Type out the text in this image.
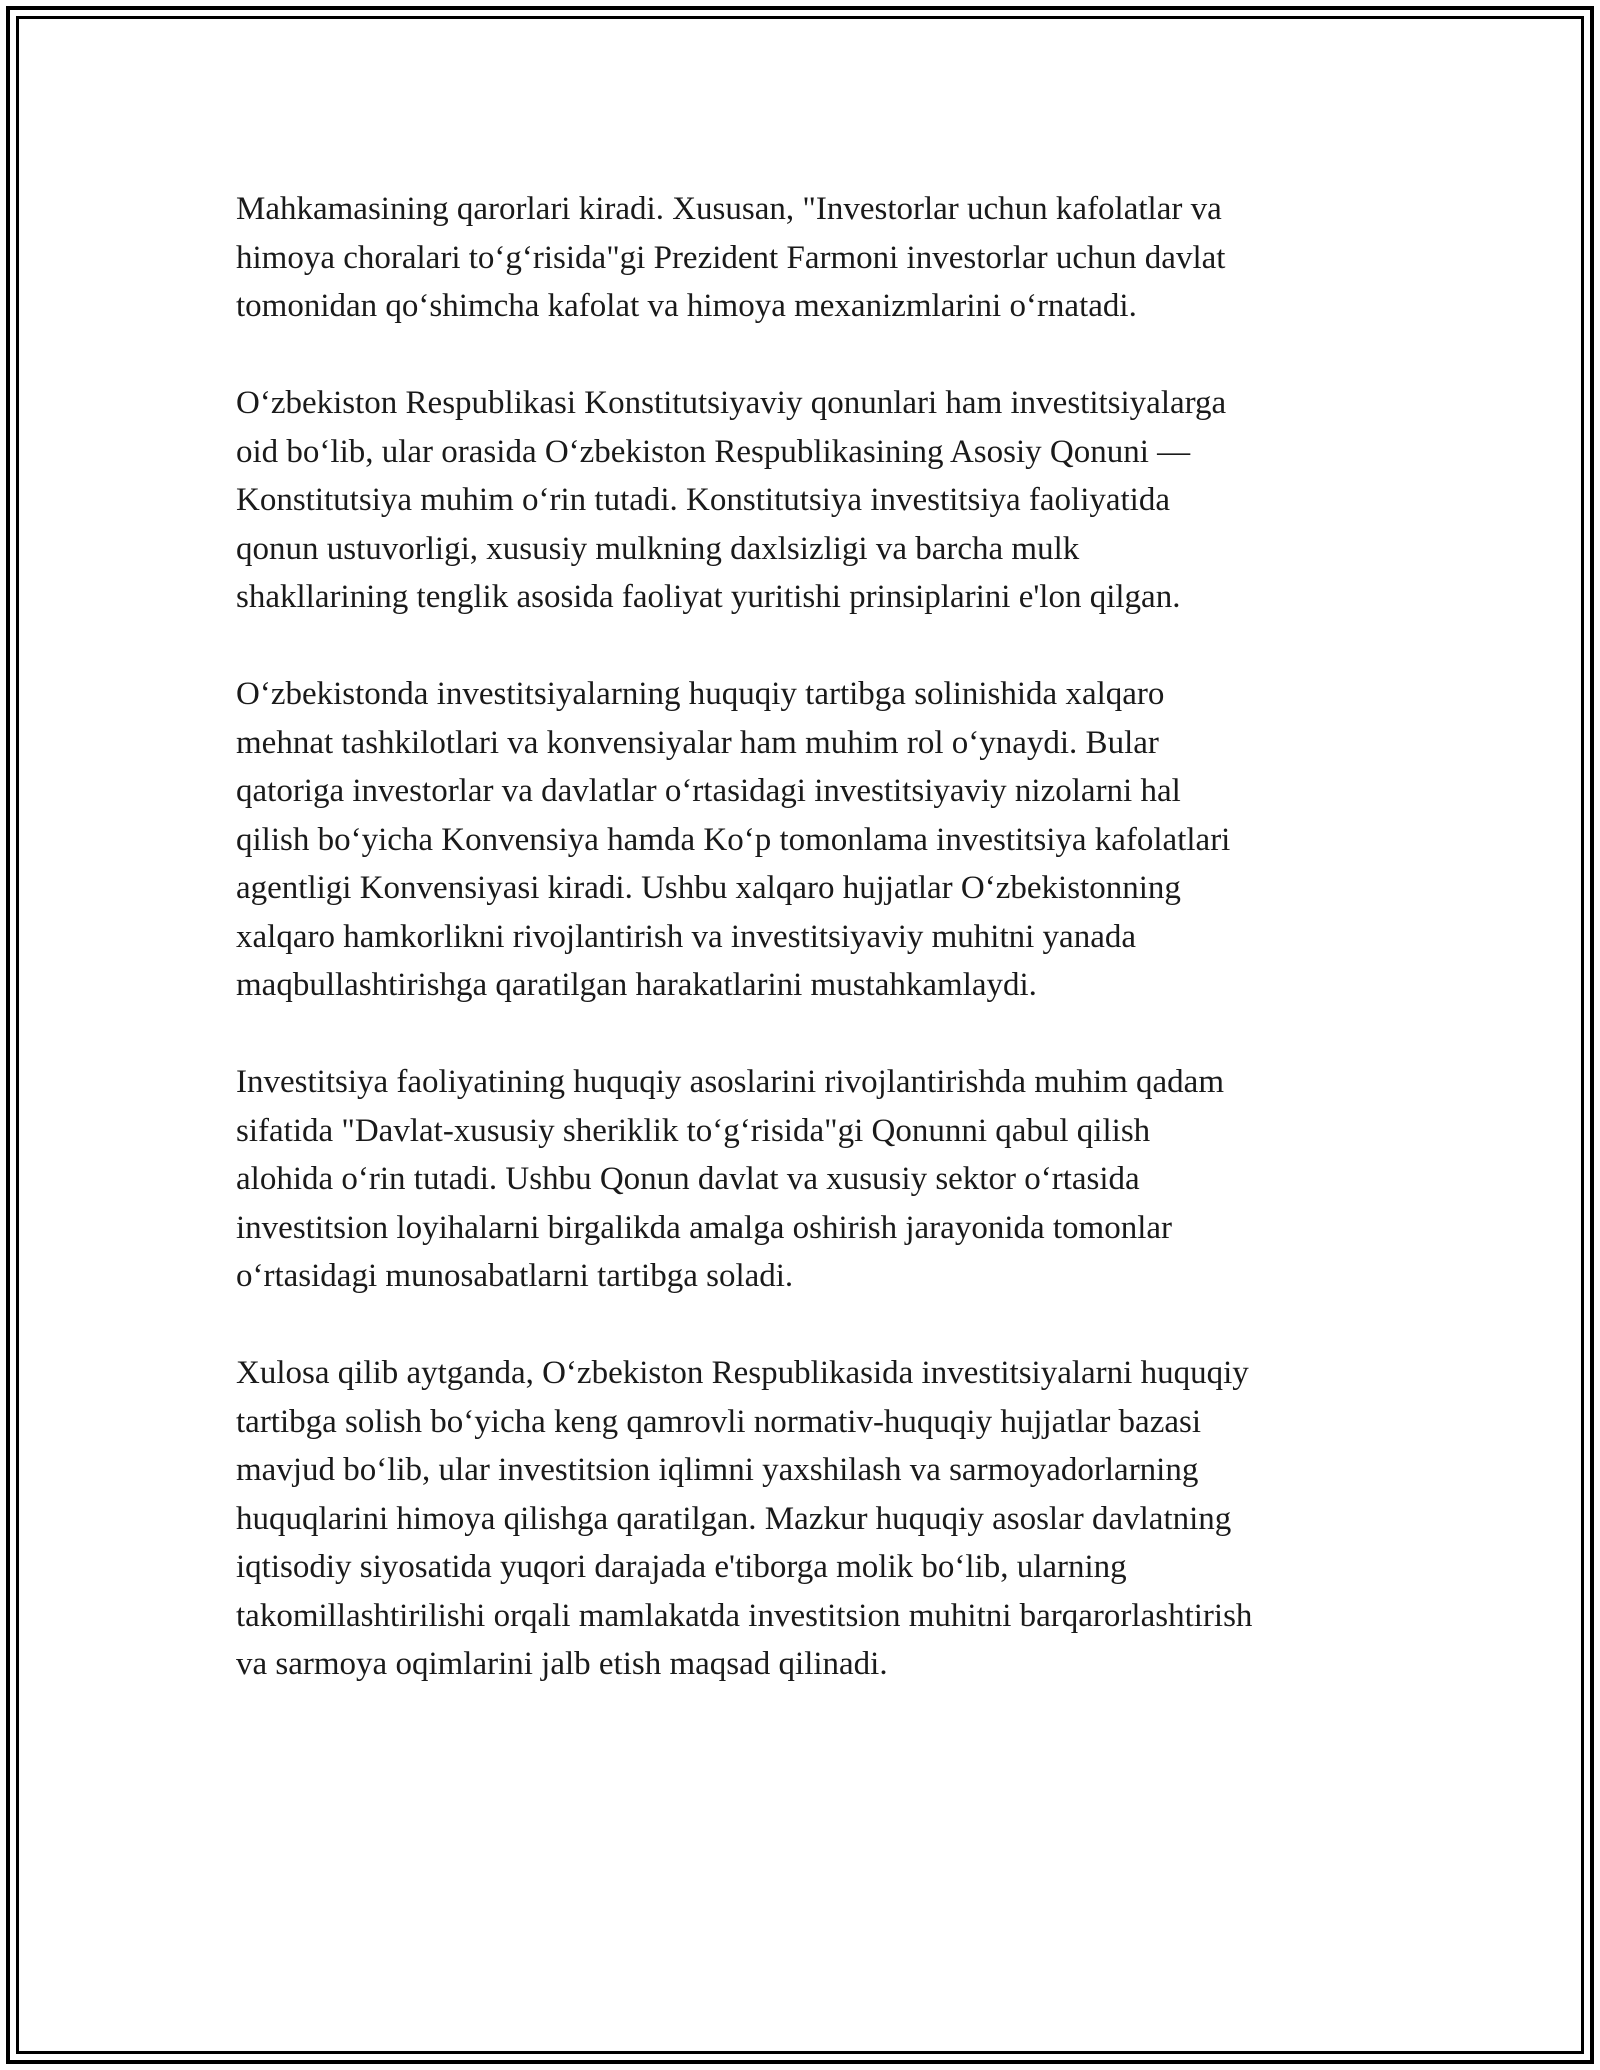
Mahkamasining qarorlari kiradi. Xususan, "Investorlar uchun kafolatlar va
himoya choralari to‘g‘risida"gi Prezident Farmoni investorlar uchun davlat
tomonidan qo‘shimcha kafolat va himoya mexanizmlarini o‘rnatadi.

O‘zbekiston Respublikasi Konstitutsiyaviy qonunlari ham investitsiyalarga
oid bo‘lib, ular orasida O‘zbekiston Respublikasining Asosiy Qonuni —
Konstitutsiya muhim o‘rin tutadi. Konstitutsiya investitsiya faoliyatida
qonun ustuvorligi, xususiy mulkning daxlsizligi va barcha mulk
shakllarining tenglik asosida faoliyat yuritishi prinsiplarini e'lon qilgan.

O‘zbekistonda investitsiyalarning huquqiy tartibga solinishida xalqaro
mehnat tashkilotlari va konvensiyalar ham muhim rol o‘ynaydi. Bular
qatoriga investorlar va davlatlar o‘rtasidagi investitsiyaviy nizolarni hal
qilish bo‘yicha Konvensiya hamda Ko‘p tomonlama investitsiya kafolatlari
agentligi Konvensiyasi kiradi. Ushbu xalqaro hujjatlar O‘zbekistonning
xalqaro hamkorlikni rivojlantirish va investitsiyaviy muhitni yanada
maqbullashtirishga qaratilgan harakatlarini mustahkamlaydi.

Investitsiya faoliyatining huquqiy asoslarini rivojlantirishda muhim qadam
sifatida "Davlat-xususiy sheriklik to‘g‘risida"gi Qonunni qabul qilish
alohida o‘rin tutadi. Ushbu Qonun davlat va xususiy sektor o‘rtasida
investitsion loyihalarni birgalikda amalga oshirish jarayonida tomonlar
o‘rtasidagi munosabatlarni tartibga soladi.

Xulosa qilib aytganda, O‘zbekiston Respublikasida investitsiyalarni huquqiy
tartibga solish bo‘yicha keng qamrovli normativ-huquqiy hujjatlar bazasi
mavjud bo‘lib, ular investitsion iqlimni yaxshilash va sarmoyadorlarning
huquqlarini himoya qilishga qaratilgan. Mazkur huquqiy asoslar davlatning
iqtisodiy siyosatida yuqori darajada e'tiborga molik bo‘lib, ularning
takomillashtirilishi orqali mamlakatda investitsion muhitni barqarorlashtirish
va sarmoya oqimlarini jalb etish maqsad qilinadi.
